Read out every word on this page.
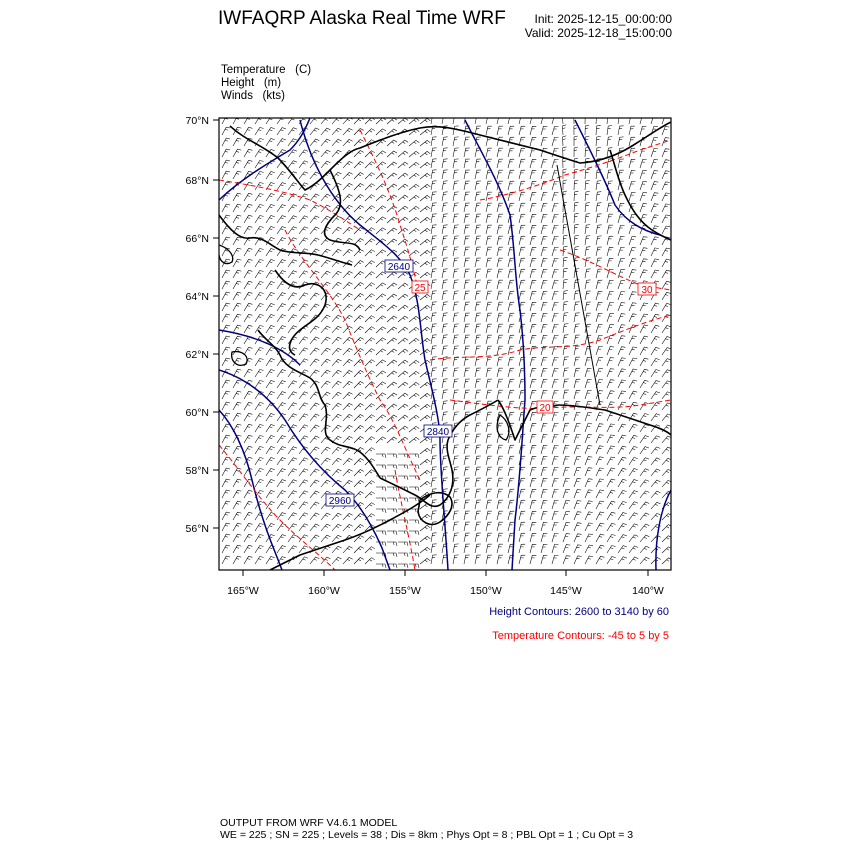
IWFAQRP Alaska Real Time WRF	Init: 2025-12-15_00:00:00
Valid: 2025-12-18_15:00:00
Temperature (C)
Height (m)
Winds (kts)
70°N
68°N
66°N
64°N
62°N
60°N
58°N
56°N
165°W	160°W	155°W	150°W	145°W	140°W
2640
2840
2960
25
20
30
Height Contours: 2600 to 3140 by 60
Temperature Contours: -45 to 5 by 5
OUTPUT FROM WRF V4.6.1 MODEL
WE = 225 ; SN = 225 ; Levels = 38 ; Dis = 8km ; Phys Opt = 8 ; PBL Opt = 1 ; Cu Opt = 3
